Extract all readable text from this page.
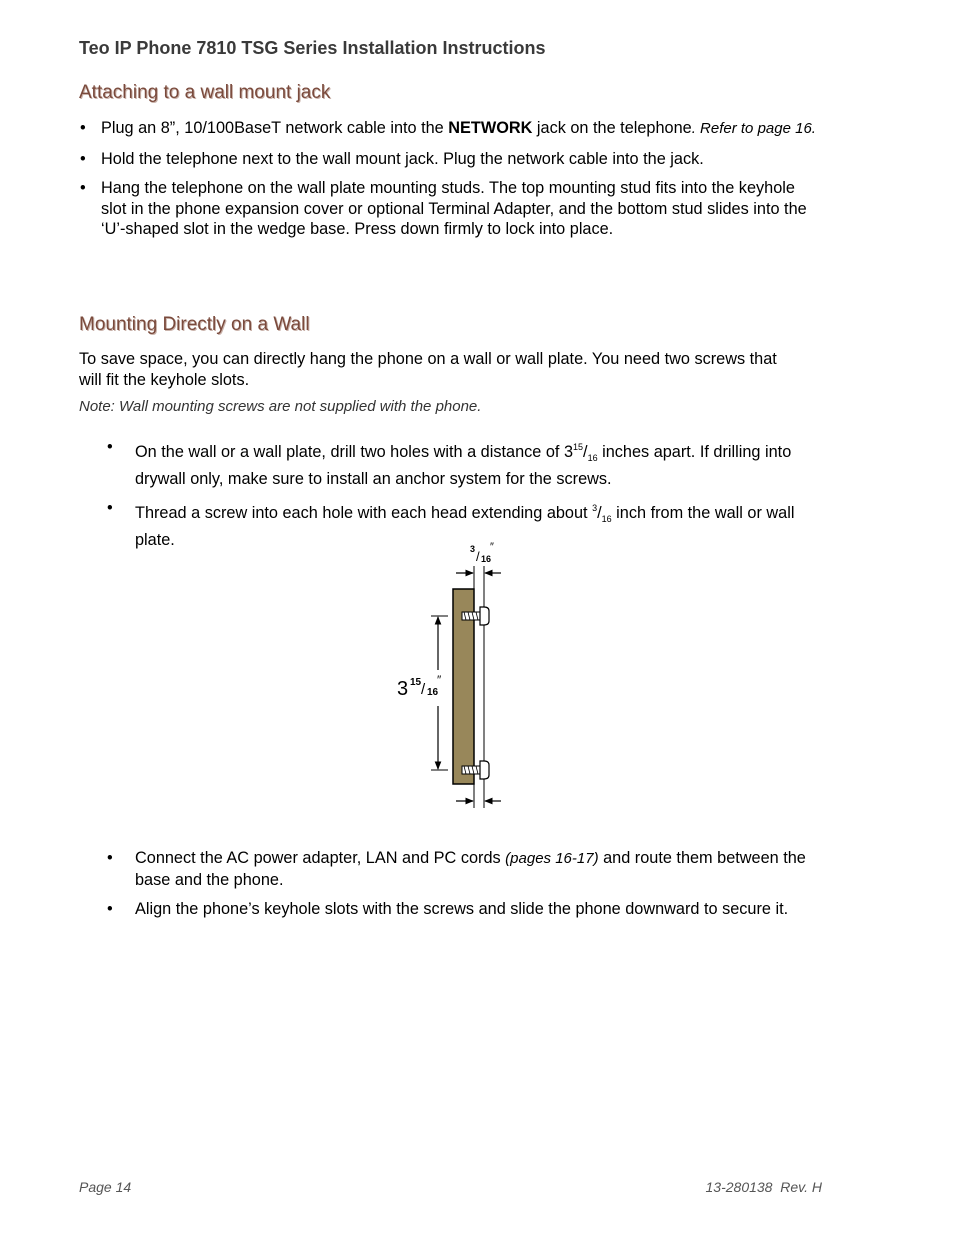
Teo IP Phone 7810 TSG Series Installation Instructions
Attaching to a wall mount jack
• Plug an 8”, 10/100BaseT network cable into the NETWORK jack on the telephone. Refer to page 16.
• Hold the telephone next to the wall mount jack. Plug the network cable into the jack.
• Hang the telephone on the wall plate mounting studs. The top mounting stud fits into the keyhole slot in the phone expansion cover or optional Terminal Adapter, and the bottom stud slides into the ‘U’-shaped slot in the wedge base. Press down firmly to lock into place.
Mounting Directly on a Wall

To save space, you can directly hang the phone on a wall or wall plate. You need two screws that will fit the keyhole slots.

Note: Wall mounting screws are not supplied with the phone.
• On the wall or a wall plate, drill two holes with a distance of $3^{15}/_{16}$ inches apart. If drilling into drywall only, make sure to install an anchor system for the screws.
• Thread a screw into each hole with each head extending about $^3/_{16}$ inch from the wall or wall plate.
3/16″
3 15/ 16″
• Connect the AC power adapter, LAN and PC cords (pages 16-17) and route them between the base and the phone.
• Align the phone’s keyhole slots with the screws and slide the phone downward to secure it.
Page 14	13-280138  Rev. H
